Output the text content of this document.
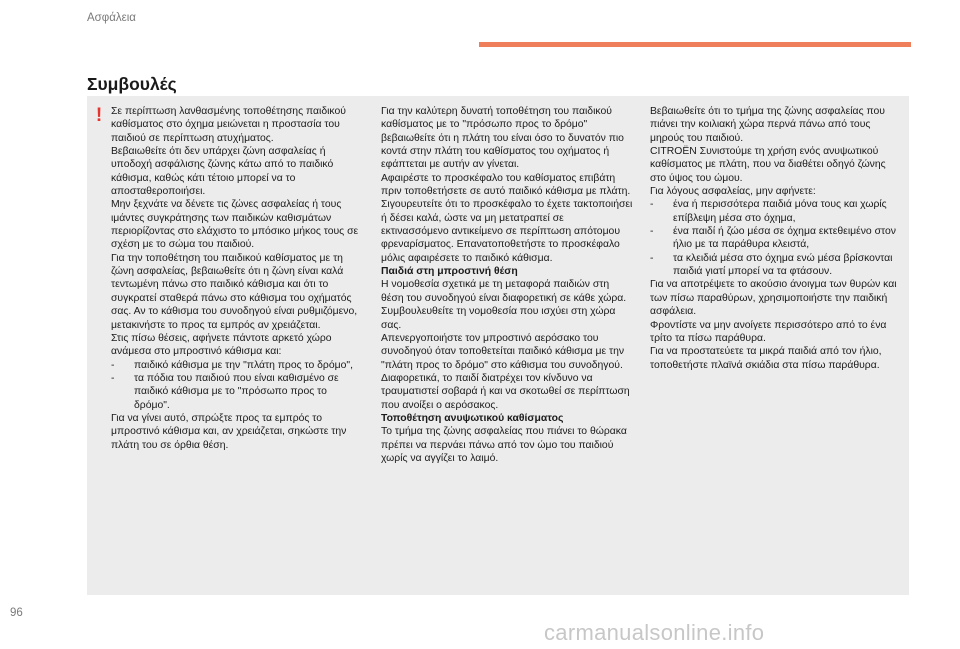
Ασφάλεια
Συμβουλές
! Σε περίπτωση λανθασμένης τοποθέτησης παιδικού καθίσματος στο όχημα μειώνεται η προστασία του παιδιού σε περίπτωση ατυχήματος.

Βεβαιωθείτε ότι δεν υπάρχει ζώνη ασφαλείας ή υποδοχή ασφάλισης ζώνης κάτω από το παιδικό κάθισμα, καθώς κάτι τέτοιο μπορεί να το αποσταθεροποιήσει.

Μην ξεχνάτε να δένετε τις ζώνες ασφαλείας ή τους ιμάντες συγκράτησης των παιδικών καθισμάτων περιορίζοντας στο ελάχιστο το μπόσικο μήκος τους σε σχέση με το σώμα του παιδιού.

Για την τοποθέτηση του παιδικού καθίσματος με τη ζώνη ασφαλείας, βεβαιωθείτε ότι η ζώνη είναι καλά τεντωμένη πάνω στο παιδικό κάθισμα και ότι το συγκρατεί σταθερά πάνω στο κάθισμα του οχήματός σας. Αν το κάθισμα του συνοδηγού είναι ρυθμιζόμενο, μετακινήστε το προς τα εμπρός αν χρειάζεται.

Στις πίσω θέσεις, αφήνετε πάντοτε αρκετό χώρο ανάμεσα στο μπροστινό κάθισμα και:

- παιδικό κάθισμα με την "πλάτη προς το δρόμο",

- τα πόδια του παιδιού που είναι καθισμένο σε παιδικό κάθισμα με το "πρόσωπο προς το δρόμο".

Για να γίνει αυτό, σπρώξτε προς τα εμπρός το μπροστινό κάθισμα και, αν χρειάζεται, σηκώστε την πλάτη του σε όρθια θέση.

Για την καλύτερη δυνατή τοποθέτηση του παιδικού καθίσματος με το "πρόσωπο προς το δρόμο" βεβαιωθείτε ότι η πλάτη του είναι όσο το δυνατόν πιο κοντά στην πλάτη του καθίσματος του οχήματος ή εφάπτεται με αυτήν αν γίνεται.

Αφαιρέστε το προσκέφαλο του καθίσματος επιβάτη πριν τοποθετήσετε σε αυτό παιδικό κάθισμα με πλάτη.

Σιγουρευτείτε ότι το προσκέφαλο το έχετε τακτοποιήσει ή δέσει καλά, ώστε να μη μετατραπεί σε εκτινασσόμενο αντικείμενο σε περίπτωση απότομου φρεναρίσματος. Επανατοποθετήστε το προσκέφαλο μόλις αφαιρέσετε το παιδικό κάθισμα.

Παιδιά στη μπροστινή θέση

Η νομοθεσία σχετικά με τη μεταφορά παιδιών στη θέση του συνοδηγού είναι διαφορετική σε κάθε χώρα. Συμβουλευθείτε τη νομοθεσία που ισχύει στη χώρα σας.

Απενεργοποιήστε τον μπροστινό αερόσακο του συνοδηγού όταν τοποθετείται παιδικό κάθισμα με την "πλάτη προς το δρόμο" στο κάθισμα του συνοδηγού.

Διαφορετικά, το παιδί διατρέχει τον κίνδυνο να τραυματιστεί σοβαρά ή και να σκοτωθεί σε περίπτωση που ανοίξει ο αερόσακος.

Τοποθέτηση ανυψωτικού καθίσματος

Το τμήμα της ζώνης ασφαλείας που πιάνει το θώρακα πρέπει να περνάει πάνω από τον ώμο του παιδιού χωρίς να αγγίζει το λαιμό.

Βεβαιωθείτε ότι το τμήμα της ζώνης ασφαλείας που πιάνει την κοιλιακή χώρα περνά πάνω από τους μηρούς του παιδιού.

CITROËN Συνιστούμε τη χρήση ενός ανυψωτικού καθίσματος με πλάτη, που να διαθέτει οδηγό ζώνης στο ύψος του ώμου.

Για λόγους ασφαλείας, μην αφήνετε:

- ένα ή περισσότερα παιδιά μόνα τους και χωρίς επίβλεψη μέσα στο όχημα,

- ένα παιδί ή ζώο μέσα σε όχημα εκτεθειμένο στον ήλιο με τα παράθυρα κλειστά,

- τα κλειδιά μέσα στο όχημα ενώ μέσα βρίσκονται παιδιά γιατί μπορεί να τα φτάσουν.

Για να αποτρέψετε το ακούσιο άνοιγμα των θυρών και των πίσω παραθύρων, χρησιμοποιήστε την παιδική ασφάλεια.

Φροντίστε να μην ανοίγετε περισσότερο από το ένα τρίτο τα πίσω παράθυρα.

Για να προστατεύετε τα μικρά παιδιά από τον ήλιο, τοποθετήστε πλαϊνά σκιάδια στα πίσω παράθυρα.

96
carmanualsonline.info
